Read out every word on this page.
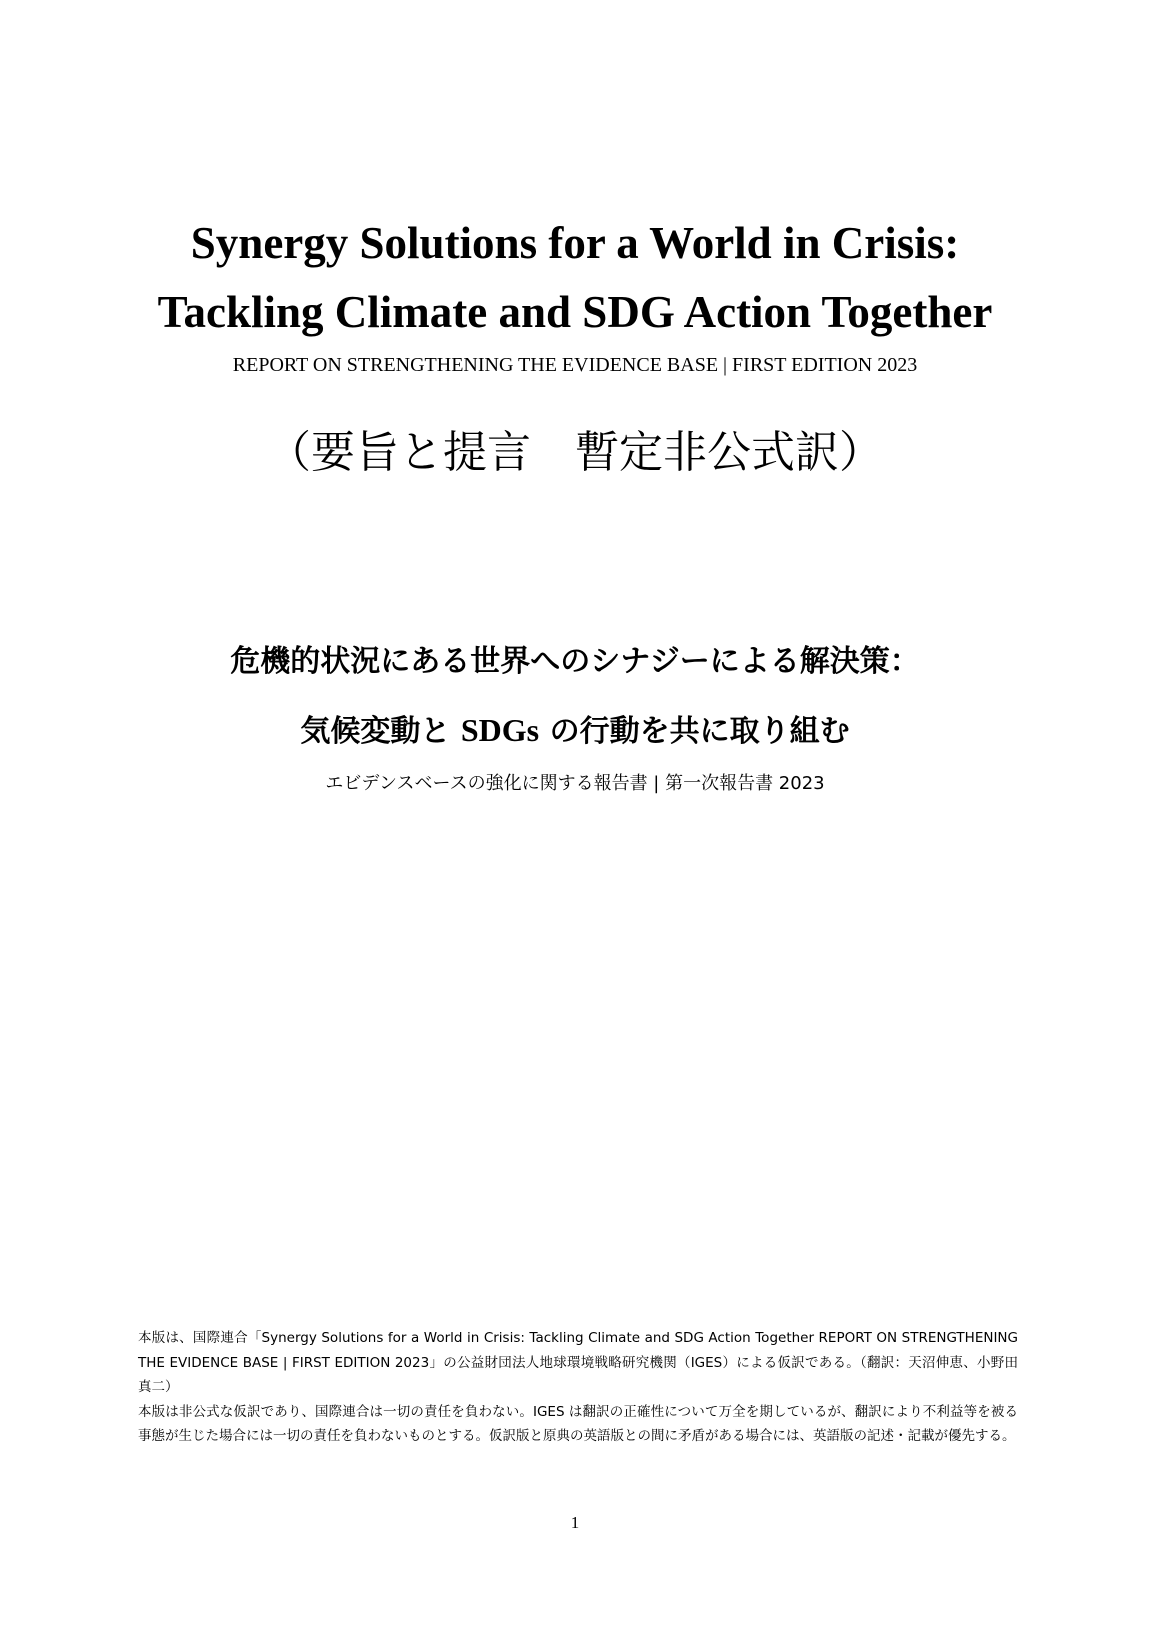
Synergy Solutions for a World in Crisis:
Tackling Climate and SDG Action Together
REPORT ON STRENGTHENING THE EVIDENCE BASE | FIRST EDITION 2023
（要旨と提言　暫定非公式訳）
危機的状況にある世界へのシナジーによる解決策：
気候変動と SDGs の行動を共に取り組む
エビデンスベースの強化に関する報告書 | 第一次報告書 2023

本版は、国際連合「Synergy Solutions for a World in Crisis: Tackling Climate and SDG Action Together REPORT ON STRENGTHENING THE EVIDENCE BASE | FIRST EDITION 2023」の公益財団法人地球環境戦略研究機関（IGES）による仮訳である。（翻訳：天沼伸恵、小野田真二）

本版は非公式な仮訳であり、国際連合は一切の責任を負わない。IGES は翻訳の正確性について万全を期しているが、翻訳により不利益等を被る事態が生じた場合には一切の責任を負わないものとする。仮訳版と原典の英語版との間に矛盾がある場合には、英語版の記述・記載が優先する。

1
